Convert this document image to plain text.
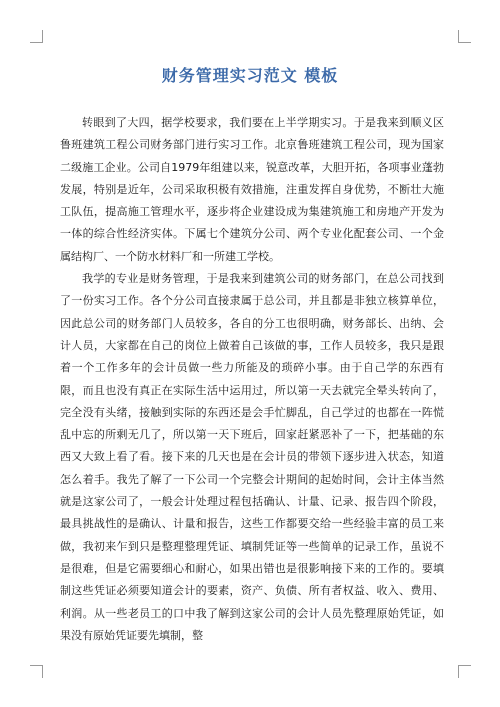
财务管理实习范文 模板

转眼到了大四，据学校要求，我们要在上半学期实习。于是我来到顺义区鲁班建筑工程公司财务部门进行实习工作。北京鲁班建筑工程公司，现为国家二级施工企业。公司自1979年组建以来，锐意改革，大胆开拓，各项事业蓬勃发展，特别是近年，公司采取积极有效措施，注重发挥自身优势，不断壮大施工队伍，提高施工管理水平，逐步将企业建设成为集建筑施工和房地产开发为一体的综合性经济实体。下属七个建筑分公司、两个专业化配套公司、一个金属结构厂、一个防水材料厂和一所建工学校。

我学的专业是财务管理，于是我来到建筑公司的财务部门，在总公司找到了一份实习工作。各个分公司直接隶属于总公司，并且都是非独立核算单位，因此总公司的财务部门人员较多，各自的分工也很明确，财务部长、出纳、会计人员，大家都在自己的岗位上做着自己该做的事，工作人员较多，我只是跟着一个工作多年的会计员做一些力所能及的琐碎小事。由于自己学的东西有限，而且也没有真正在实际生活中运用过，所以第一天去就完全晕头转向了，完全没有头绪，接触到实际的东西还是会手忙脚乱，自己学过的也都在一阵慌乱中忘的所剩无几了，所以第一天下班后，回家赶紧恶补了一下，把基础的东西又大致上看了看。接下来的几天也是在会计员的带领下逐步进入状态，知道怎么着手。我先了解了一下公司一个完整会计期间的起始时间，会计主体当然就是这家公司了，一般会计处理过程包括确认、计量、记录、报告四个阶段，最具挑战性的是确认、计量和报告，这些工作都要交给一些经验丰富的员工来做，我初来乍到只是整理整理凭证、填制凭证等一些简单的记录工作，虽说不是很难，但是它需要细心和耐心，如果出错也是很影响接下来的工作的。要填制这些凭证必须要知道会计的要素，资产、负债、所有者权益、收入、费用、利润。从一些老员工的口中我了解到这家公司的会计人员先整理原始凭证，如果没有原始凭证要先填制，整
